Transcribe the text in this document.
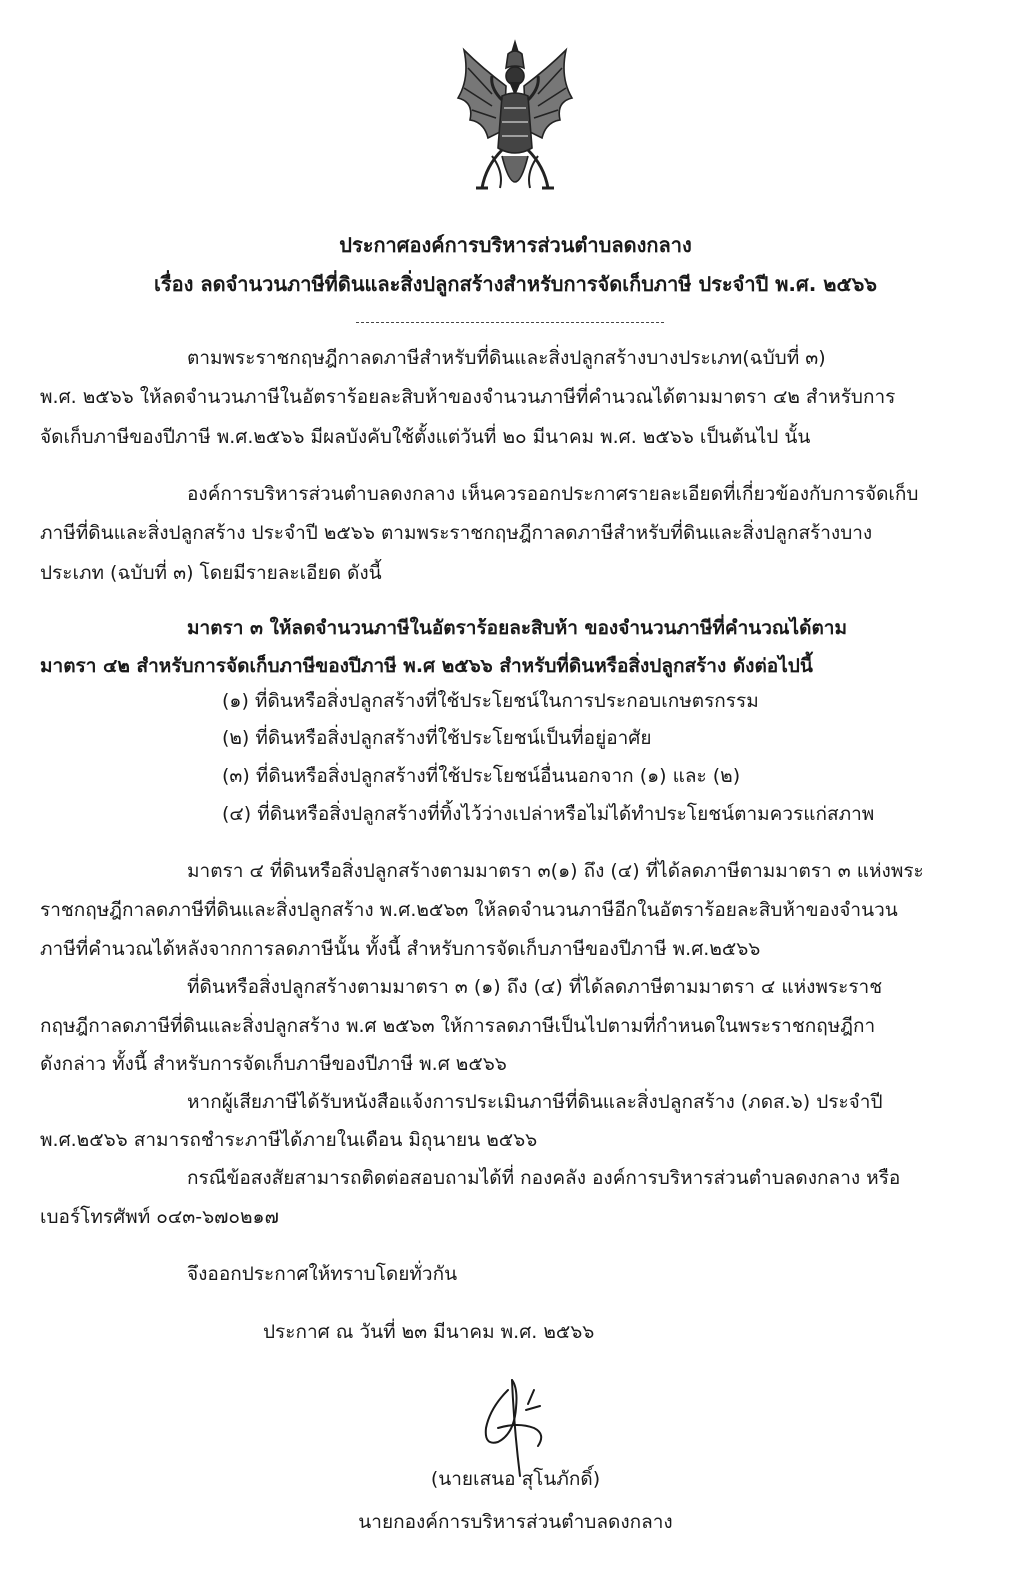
ประกาศองค์การบริหารส่วนตำบลดงกลาง
เรื่อง ลดจำนวนภาษีที่ดินและสิ่งปลูกสร้างสำหรับการจัดเก็บภาษี ประจำปี พ.ศ. ๒๕๖๖
ตามพระราชกฤษฎีกาลดภาษีสำหรับที่ดินและสิ่งปลูกสร้างบางประเภท(ฉบับที่ ๓)
พ.ศ. ๒๕๖๖ ให้ลดจำนวนภาษีในอัตราร้อยละสิบห้าของจำนวนภาษีที่คำนวณได้ตามมาตรา ๔๒ สำหรับการ
จัดเก็บภาษีของปีภาษี พ.ศ.๒๕๖๖ มีผลบังคับใช้ตั้งแต่วันที่ ๒๐ มีนาคม พ.ศ. ๒๕๖๖ เป็นต้นไป นั้น
องค์การบริหารส่วนตำบลดงกลาง เห็นควรออกประกาศรายละเอียดที่เกี่ยวข้องกับการจัดเก็บ
ภาษีที่ดินและสิ่งปลูกสร้าง ประจำปี ๒๕๖๖ ตามพระราชกฤษฎีกาลดภาษีสำหรับที่ดินและสิ่งปลูกสร้างบาง
ประเภท (ฉบับที่ ๓) โดยมีรายละเอียด ดังนี้
มาตรา ๓ ให้ลดจำนวนภาษีในอัตราร้อยละสิบห้า ของจำนวนภาษีที่คำนวณได้ตาม
มาตรา ๔๒ สำหรับการจัดเก็บภาษีของปีภาษี พ.ศ ๒๕๖๖ สำหรับที่ดินหรือสิ่งปลูกสร้าง ดังต่อไปนี้
(๑) ที่ดินหรือสิ่งปลูกสร้างที่ใช้ประโยชน์ในการประกอบเกษตรกรรม
(๒) ที่ดินหรือสิ่งปลูกสร้างที่ใช้ประโยชน์เป็นที่อยู่อาศัย
(๓) ที่ดินหรือสิ่งปลูกสร้างที่ใช้ประโยชน์อื่นนอกจาก (๑) และ (๒)
(๔) ที่ดินหรือสิ่งปลูกสร้างที่ทิ้งไว้ว่างเปล่าหรือไม่ได้ทำประโยชน์ตามควรแก่สภาพ
มาตรา ๔ ที่ดินหรือสิ่งปลูกสร้างตามมาตรา ๓(๑) ถึง (๔) ที่ได้ลดภาษีตามมาตรา ๓ แห่งพระ
ราชกฤษฎีกาลดภาษีที่ดินและสิ่งปลูกสร้าง พ.ศ.๒๕๖๓ ให้ลดจำนวนภาษีอีกในอัตราร้อยละสิบห้าของจำนวน
ภาษีที่คำนวณได้หลังจากการลดภาษีนั้น ทั้งนี้ สำหรับการจัดเก็บภาษีของปีภาษี พ.ศ.๒๕๖๖
ที่ดินหรือสิ่งปลูกสร้างตามมาตรา ๓ (๑) ถึง (๔) ที่ได้ลดภาษีตามมาตรา ๔ แห่งพระราช
กฤษฎีกาลดภาษีที่ดินและสิ่งปลูกสร้าง พ.ศ ๒๕๖๓ ให้การลดภาษีเป็นไปตามที่กำหนดในพระราชกฤษฎีกา
ดังกล่าว ทั้งนี้ สำหรับการจัดเก็บภาษีของปีภาษี พ.ศ ๒๕๖๖
หากผู้เสียภาษีได้รับหนังสือแจ้งการประเมินภาษีที่ดินและสิ่งปลูกสร้าง (ภดส.๖) ประจำปี
พ.ศ.๒๕๖๖ สามารถชำระภาษีได้ภายในเดือน มิถุนายน ๒๕๖๖
กรณีข้อสงสัยสามารถติดต่อสอบถามได้ที่ กองคลัง องค์การบริหารส่วนตำบลดงกลาง หรือ
เบอร์โทรศัพท์ ๐๔๓-๖๗๐๒๑๗
จึงออกประกาศให้ทราบโดยทั่วกัน
ประกาศ ณ วันที่ ๒๓ มีนาคม พ.ศ. ๒๕๖๖
(นายเสนอ สุโนภักดิ์)
นายกองค์การบริหารส่วนตำบลดงกลาง
